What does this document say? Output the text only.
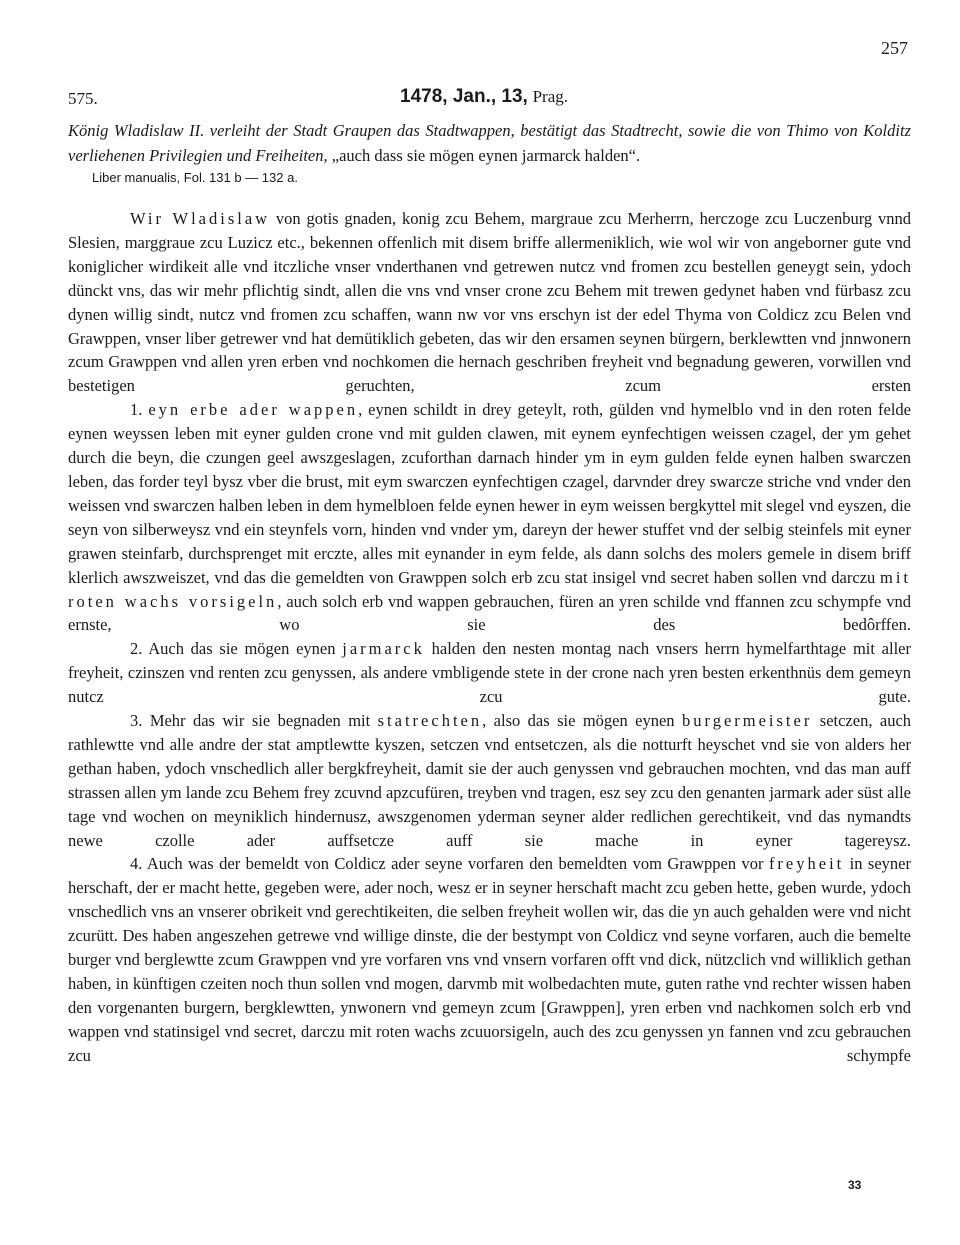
257
575.	1478, Jan., 13, Prag.

König Wladislaw II. verleiht der Stadt Graupen das Stadtwappen, bestätigt das Stadtrecht, sowie die von Thimo von Kolditz verliehenen Privilegien und Freiheiten, „auch dass sie mögen eynen jarmarck halden“.

Liber manualis, Fol. 131 b — 132 a.

Wir Wladislaw von gotis gnaden, konig zcu Behem, margraue zcu Merherrn, herczoge zcu Luczenburg vnnd Slesien, marggraue zcu Luzicz etc., bekennen offenlich mit disem briffe allermeniklich, wie wol wir von angeborner gute vnd koniglicher wirdikeit alle vnd itczliche vnser vnderthanen vnd getrewen nutcz vnd fromen zcu bestellen geneygt sein, ydoch dünckt vns, das wir mehr pflichtig sindt, allen die vns vnd vnser crone zcu Behem mit trewen gedynet haben vnd fürbasz zcu dynen willig sindt, nutcz vnd fromen zcu schaffen, wann nw vor vns erschyn ist der edel Thyma von Coldicz zcu Belen vnd Grawppen, vnser liber getrewer vnd hat demütiklich gebeten, das wir den ersamen seynen bürgern, berklewtten vnd jnnwonern zcum Grawppen vnd allen yren erben vnd nochkomen die hernach geschriben freyheit vnd begnadung geweren, vorwillen vnd bestetigen geruchten, zcum ersten

1. eyn erbe ader wappen, eynen schildt in drey geteylt, roth, gülden vnd hymelblo vnd in den roten felde eynen weyssen leben mit eyner gulden crone vnd mit gulden clawen, mit eynem eynfechtigen weissen czagel, der ym gehet durch die beyn, die czungen geel awszgeslagen, zcuforthan darnach hinder ym in eym gulden felde eynen halben swarczen leben, das forder teyl bysz vber die brust, mit eym swarczen eynfechtigen czagel, darvnder drey swarcze striche vnd vnder den weissen vnd swarczen halben leben in dem hymelbloen felde eynen hewer in eym weissen bergkyttel mit slegel vnd eyszen, die seyn von silberweysz vnd ein steynfels vorn, hinden vnd vnder ym, dareyn der hewer stuffet vnd der selbig steinfels mit eyner grawen steinfarb, durchsprenget mit erczte, alles mit eynander in eym felde, als dann solchs des molers gemele in disem briff klerlich awszweiszet, vnd das die gemeldten von Grawppen solch erb zcu stat insigel vnd secret haben sollen vnd darczu mit roten wachs vorsigeln, auch solch erb vnd wappen gebrauchen, füren an yren schilde vnd ffannen zcu schympfe vnd ernste, wo sie des bedôrffen.

2. Auch das sie mögen eynen jarmarck halden den nesten montag nach vnsers herrn hymelfarthtage mit aller freyheit, czinszen vnd renten zcu genyssen, als andere vmbligende stete in der crone nach yren besten erkenthnüs dem gemeyn nutcz zcu gute.

3. Mehr das wir sie begnaden mit statrechten, also das sie mögen eynen burgermeister setczen, auch rathlewtte vnd alle andre der stat amptlewtte kyszen, setczen vnd entsetczen, als die notturft heyschet vnd sie von alders her gethan haben, ydoch vnschedlich aller bergkfreyheit, damit sie der auch genyssen vnd gebrauchen mochten, vnd das man auff strassen allen ym lande zcu Behem frey zcuvnd apzcufüren, treyben vnd tragen, esz sey zcu den genanten jarmark ader süst alle tage vnd wochen on meyniklich hindernusz, awszgenomen yderman seyner alder redlichen gerechtikeit, vnd das nymandts newe czolle ader auffsetcze auff sie mache in eyner tagereysz.

4. Auch was der bemeldt von Coldicz ader seyne vorfaren den bemeldten vom Grawppen vor freyheit in seyner herschaft, der er macht hette, gegeben were, ader noch, wesz er in seyner herschaft macht zcu geben hette, geben wurde, ydoch vnschedlich vns an vnserer obrikeit vnd gerechtikeiten, die selben freyheit wollen wir, das die yn auch gehalden were vnd nicht zcurütt. Des haben angeszehen getrewe vnd willige dinste, die der bestympt von Coldicz vnd seyne vorfaren, auch die bemelte burger vnd berglewtte zcum Grawppen vnd yre vorfaren vns vnd vnsern vorfaren offt vnd dick, nützclich vnd williklich gethan haben, in künftigen czeiten noch thun sollen vnd mogen, darvmb mit wolbedachten mute, guten rathe vnd rechter wissen haben den vorgenanten burgern, bergklewtten, ynwonern vnd gemeyn zcum [Grawppen], yren erben vnd nachkomen solch erb vnd wappen vnd statinsigel vnd secret, darczu mit roten wachs zcuuorsigeln, auch des zcu genyssen yn fannen vnd zcu gebrauchen zcu schympfe

33
